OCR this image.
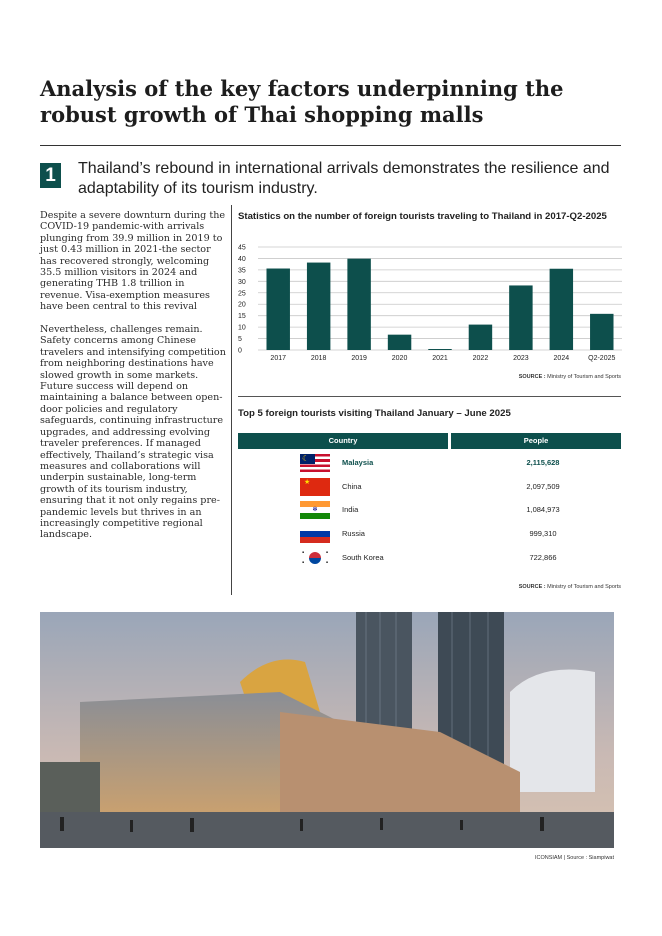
Analysis of the key factors underpinning the robust growth of Thai shopping malls
1	Thailand’s rebound in international arrivals demonstrates the resilience and adaptability of its tourism industry.

Despite a severe downturn during the COVID-19 pandemic-with arrivals plunging from 39.9 million in 2019 to just 0.43 million in 2021-the sector has recovered strongly, welcoming 35.5 million visitors in 2024 and generating THB 1.8 trillion in revenue. Visa-exemption measures have been central to this revival

Nevertheless, challenges remain. Safety concerns among Chinese travelers and intensifying competition from neighboring destinations have slowed growth in some markets. Future success will depend on maintaining a balance between open-door policies and regulatory safeguards, continuing infrastructure upgrades, and addressing evolving traveler preferences. If managed effectively, Thailand’s strategic visa measures and collaborations will underpin sustainable, long-term growth of its tourism industry, ensuring that it not only regains pre-pandemic levels but thrives in an increasingly competitive regional landscape.

Statistics on the number of foreign tourists traveling to Thailand in 2017-Q2-2025
0
5
10
15
20
25
30
35
40
45
2017	2018	2019	2020	2021	2022	2023	2024	Q2-2025
SOURCE : Ministry of Tourism and Sports
Top 5 foreign tourists visiting Thailand January – June 2025
Country	People
☾	Malaysia	2,115,628
★	China	2,097,509
✻	India	1,084,973
Russia	999,310
▪	▪
▪	▪
South Korea	722,866
SOURCE : Ministry of Tourism and Sports
ICONSIAM | Source : Siampiwat
